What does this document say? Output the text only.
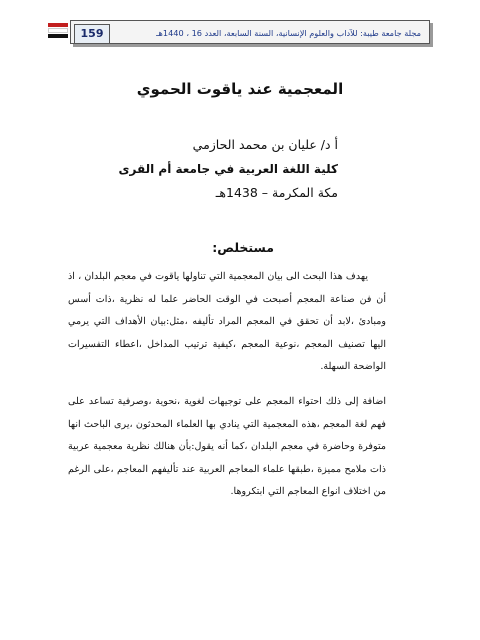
159	مجلة جامعة طيبة: للآداب والعلوم الإنسانية، السنة السابعة، العدد 16 ، 1440هـ
المعجمية عند ياقوت الحموي
أ د/ عليان بن محمد الحازمي
كلية اللغة العربية في جامعة أم القرى
مكة المكرمة – 1438هـ
مستخلص:

يهدف هذا البحث الى بيان المعجمية التي تناولها ياقوت في معجم البلدان ، اذ أن فن صناعة المعجم أصبحت في الوقت الحاضر علما له نظرية ،ذات أسس ومبادئ ،لابد أن تحقق في المعجم المراد تأليفه ،مثل:بيان الأهداف التي يرمي اليها تصنيف المعجم ،نوعية المعجم ،كيفية ترتيب المداخل ،اعطاء التفسيرات الواضحة السهلة.

اضافة إلى ذلك احتواء المعجم على توجيهات لغوية ،نحوية ،وصرفية تساعد على فهم لغة المعجم ،هذه المعجمية التي ينادي بها العلماء المحدثون ،يرى الباحث انها متوفرة وحاضرة في معجم البلدان ،كما أنه يقول:بأن هنالك نظرية معجمية عربية ذات ملامح مميزة ،طبقها علماء المعاجم العربية عند تأليفهم المعاجم ،على الرغم من اختلاف انواع المعاجم التي ابتكروها.
